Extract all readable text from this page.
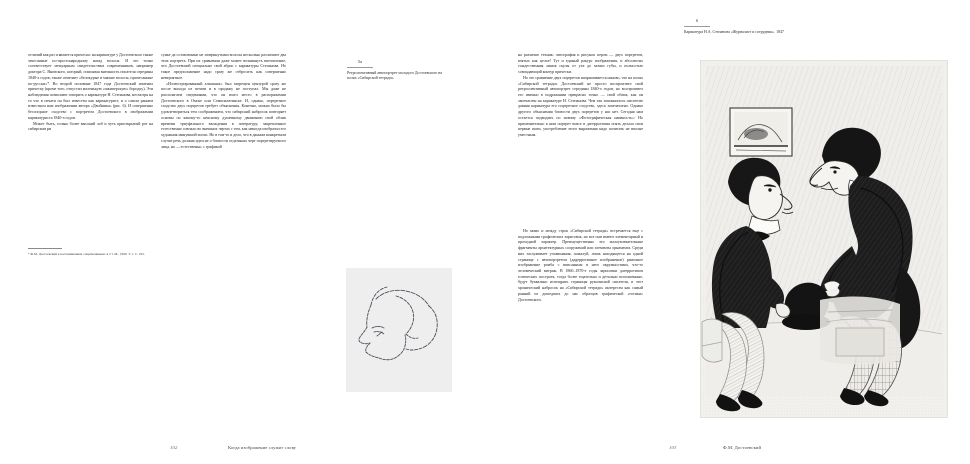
отличий как раз и является прическа: на карикатуре у Достоевского также зачесанные по-простонародному назад волосы. И это точно соответствует мемуарным свидетельствам современников, например доктора С. Яновского, который, описывая внешность писателя середины 1840-х годов, также отмечает «белокурые и мягкие волосы, причесанные по-русски»*. Во второй половине 1847 года Достоевский изменил прическу (кроме того, отпустил маленькую «шкиперскую» бородку). Эти наблюдения позволяют говорить о карикатуре Н. Степанова, несмотря на то что в печати он был известен как карикатурист, и о самом раннем известном нам изображении автора «Двойника» (рис. 6). И совершенно бесспорное сходство с портретом Достоевского в изображении карикатуриста 1840-х годов.

Может быть, только более высокий лоб и чуть приоткрытый рот на сибирском ри

* Ф.М. Достоевский в воспоминаниях современников: в 2 т. М., 1990. Т. 1. С. 232.

сунке да оставленные не зачеркнутыми волосы несколько различают два этих портрета. При их сравнении даже может возникнуть впечатление, что Достоевский специально свой абрис с карикатуры Степанова. Но такое предположение надо сразу же отбросить как совершенно невероятное.

«Иллюстрированный альманах» был запрещен цензурой сразу же после выхода из печати и в продажу не поступал. Мы даже не располагаем сведениями, что он имел место в распоряжении Достоевского в Омске или Семипалатинске. И, однако, портретное сходство двух портретов требует объяснения. Конечно, можно было бы удовлетвориться тем соображением, что сибирский набросок повторяет основы по какому-то неясному душевному движению свой облик времени триуфального вхождения в литературу, закрепленное естественно совпало во внешних чертах с тем, как некогда изобразил его художник минувший эпохи. Но в том-то и дело, что в данном конкретном случае речь должна идти не о близости отдельных черт портретируемого лица, но — естественно, с графикой

102	Когда изображение служит слову
5а
Ретроспективный автопортрет молодого Достоевского на полях «Сибирской тетради»
6
Карикатура Н.А. Степанова «Журналист и сотрудник». 1847

на различие техник: литография и рисунок пером — двух портретов, взятых как целое! Тут и единый ракурс изображения, и абсолютно тождественная линия скулы от уха до мочки губы, и полностью совпадающий контур прически.

Но это сравнение двух портретов напрашивается наново, что на полях «Сибирской тетради» Достоевский не просто воспроизвел свой ретроспективный автопортрет середины 1840-х годов, но воспроизвел его именно в подражании прекрасно точно — свой облик, как он запечатлен на карикатуре Н. Степанова. Чем так запомнилось писателю давняя карикатура его портретное сходство, здесь запечатлено. Однако другого объяснения близости двух портретов у нас нет. Сегодня нам остается подводить по новому «Фотографическая наивность»: Но применительно к ним портрет вовсе и дагерротипия опять делала свои первые шаги, употребление этого выражения надо почитать не вполне уместным.

Но мимо и между строк «Сибирской тетради» встречается еще с подложными графических зарисовок, но все они имеют элементарный и проходной характер. Преимущественно это малоувлекательные фрагменты архитектурных сооружений или элементы орнамента. Среди них заслуживает упоминания, пожалуй, лишь находящееся на одной странице с автопортретом (дagерротипное изображение) рамочное изображение ромба с вписанным в него окружностями, что-то человеческий витраж. В 1860–1870-е годы зарисовки дагерротипов готических построек, тогда более тщательно и детально исполненные, будут буквально испещрять страницы рукописной писателя, и этот хронический набросок на «Сибирской тетради» интересен как самый ранний из дошедших до нас образцов графической «готики» Достоевского.

103	Ф.М. Достоевский
